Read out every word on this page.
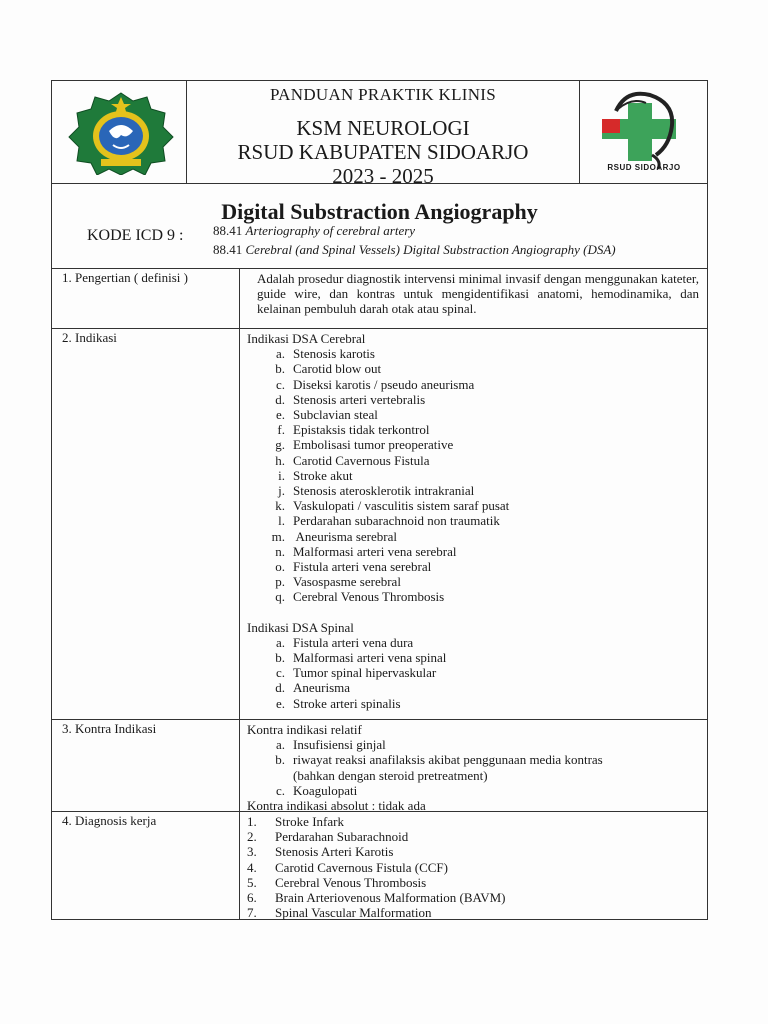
PANDUAN PRAKTIK KLINIS
KSM NEUROLOGI
RSUD KABUPATEN SIDOARJO
2023 - 2025	RSUD SIDOARJO
Digital Substraction Angiography
KODE ICD 9 : 88.41 Arteriography of cerebral artery
88.41 Cerebral (and Spinal Vessels) Digital Substraction Angiography (DSA)
1. Pengertian ( definisi )	Adalah prosedur diagnostik intervensi minimal invasif dengan menggunakan kateter, guide wire, dan kontras untuk mengidentifikasi anatomi, hemodinamika, dan kelainan pembuluh darah otak atau spinal.
2. Indikasi	Indikasi DSA Cerebral
a. Stenosis karotis
b. Carotid blow out
c. Diseksi karotis / pseudo aneurisma
d. Stenosis arteri vertebralis
e. Subclavian steal
f. Epistaksis tidak terkontrol
g. Embolisasi tumor preoperative
h. Carotid Cavernous Fistula
i. Stroke akut
j. Stenosis aterosklerotik intrakranial
k. Vaskulopati / vasculitis sistem saraf pusat
l. Perdarahan subarachnoid non traumatik
m. Aneurisma serebral
n. Malformasi arteri vena serebral
o. Fistula arteri vena serebral
p. Vasospasme serebral
q. Cerebral Venous Thrombosis
Indikasi DSA Spinal
a. Fistula arteri vena dura
b. Malformasi arteri vena spinal
c. Tumor spinal hipervaskular
d. Aneurisma
e. Stroke arteri spinalis
3. Kontra Indikasi	Kontra indikasi relatif
a. Insufisiensi ginjal
b. riwayat reaksi anafilaksis akibat penggunaan media kontras
(bahkan dengan steroid pretreatment)
c. Koagulopati
Kontra indikasi absolut : tidak ada
4. Diagnosis kerja	1.	Stroke Infark
2.	Perdarahan Subarachnoid
3.	Stenosis Arteri Karotis
4.	Carotid Cavernous Fistula (CCF)
5.	Cerebral Venous Thrombosis
6.	Brain Arteriovenous Malformation (BAVM)
7.	Spinal Vascular Malformation
